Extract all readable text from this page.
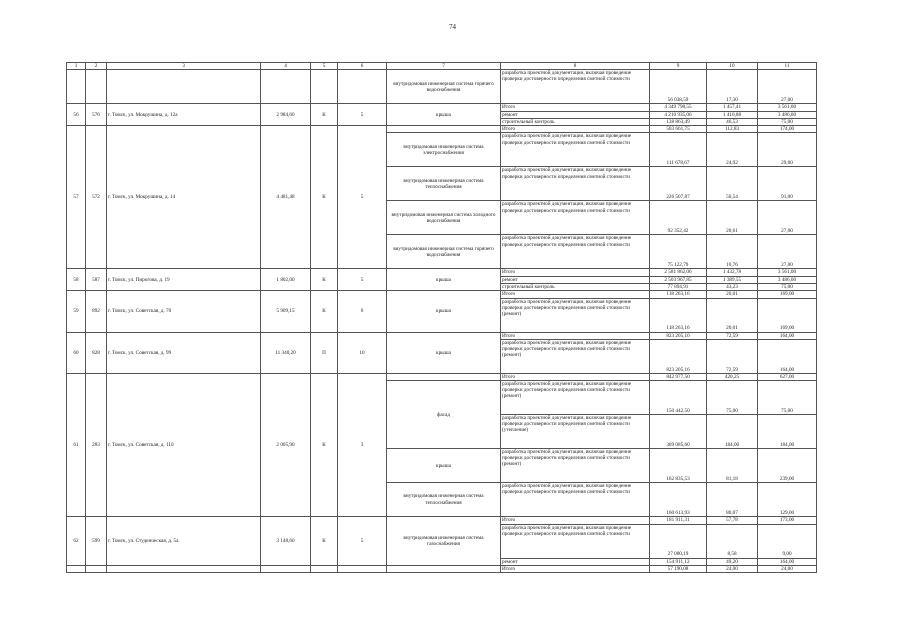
74
1	2	3	4	5	6	7	8	9	10	11
						внутридомовая инженерная система горячего водоснабжения	разработка проектной документации, включая проведение проверки достоверности определения сметной стоимости	56 038,59	17,30	27,00
56	576	г. Томск, ул. Мокрушина, д. 12а	2 984,60	К	5	крыша	Итого	4 349 798,55	1 457,41	3 561,00
							ремонт	4 210 935,06	1 410,88	3 486,00
							строительный контроль	138 863,49	46,53	75,00
57	572	г. Томск, ул. Мокрушина, д. 14	4 481,48	К	5		Итого	503 661,75	112,83	174,00
						внутридомовая инженерная система электроснабжения	разработка проектной документации, включая проведение проверки достоверности определения сметной стоимости	111 678,67	24,92	29,00
						внутридомовая инженерная система теплоснабжения	разработка проектной документации, включая проведение проверки достоверности определения сметной стоимости	226 507,87	50,54	91,00
						внутридомовая инженерная система холодного водоснабжения	разработка проектной документации, включая проведение проверки достоверности определения сметной стоимости	92 352,42	20,61	27,00
						внутридомовая инженерная система горячего водоснабжения	разработка проектной документации, включая проведение проверки достоверности определения сметной стоимости	75 122,79	16,76	27,00
58	587	г. Томск, ул. Пирогова, д. 19	1 802,00	К	5	крыша	Итого	2 581 862,06	1 432,78	3 561,00
							ремонт	2 503 967,85	1 389,55	3 486,00
							строительный контроль	77 894,91	43,23	75,00
59	892	г. Томск, ул. Советская, д. 70	5 909,15	К	6	крыша	Итого	118 263,16	20,01	169,00
							разработка проектной документации, включая проведение проверки достоверности определения сметной стоимости (ремонт)	118 263,16	20,01	169,00
60	828	г. Томск, ул. Советская, д. 99	11 340,20	П	10	крыша	Итого	823 205,16	72,59	164,00
							разработка проектной документации, включая проведение проверки достоверности определения сметной стоимости (ремонт)	823 205,16	72,59	164,00
61	283	г. Томск, ул. Советская, д. 110	2 005,90	К	3		Итого	842 977,50	420,25	627,00
						фасад	разработка проектной документации, включая проведение проверки достоверности определения сметной стоимости (ремонт)	150 442,50	75,00	75,00
							разработка проектной документации, включая проведение проверки достоверности определения сметной стоимости (утепление)	369 085,60	184,00	184,00
						крыша	разработка проектной документации, включая проведение проверки достоверности определения сметной стоимости (ремонт)	162 835,53	81,18	239,00
						внутридомовая инженерная система теплоснабжения	разработка проектной документации, включая проведение проверки достоверности определения сметной стоимости	160 613,93	80,07	129,00
62	599	г. Томск, ул. Студенческая, д. 5а	3 148,60	К	5	внутридомовая инженерная система газоснабжения	Итого	181 911,31	57,78	173,00
							разработка проектной документации, включая проведение проверки достоверности определения сметной стоимости	27 000,19	8,58	9,00
							ремонт	154 911,12	49,20	164,00
							Итого	57 190,08	24,00	24,00
